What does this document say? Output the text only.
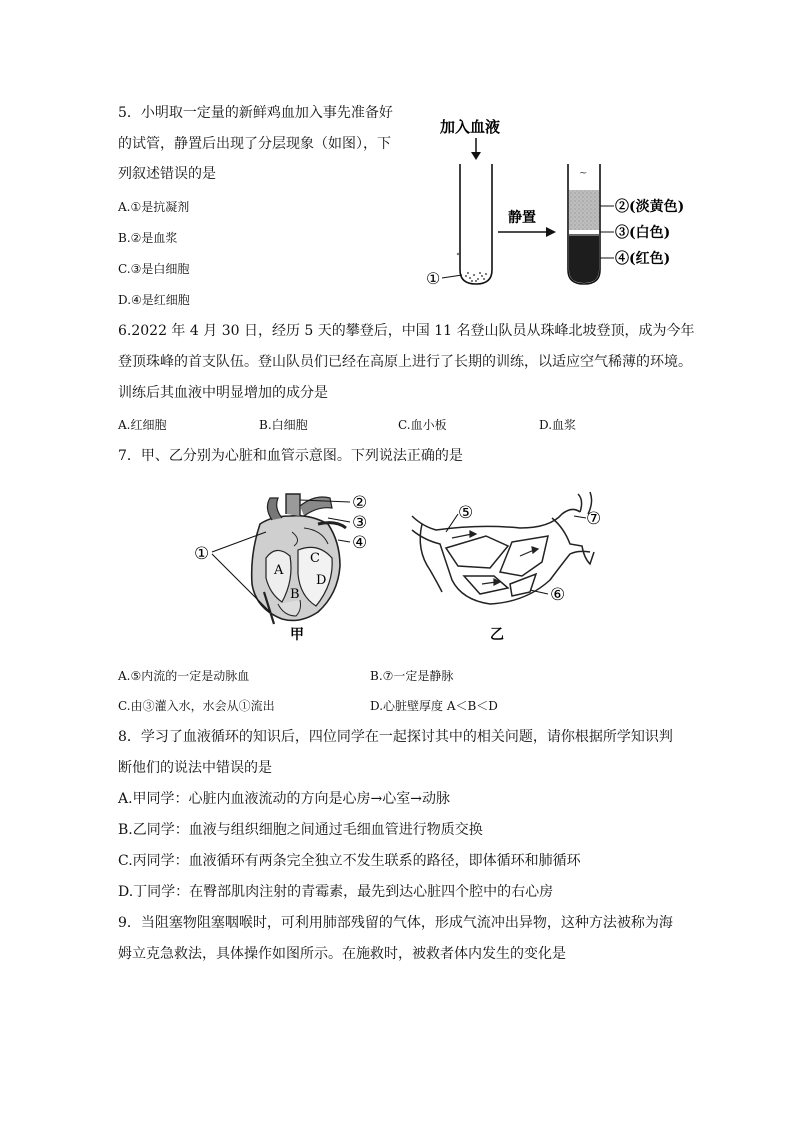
5．小明取一定量的新鲜鸡血加入事先准备好
的试管，静置后出现了分层现象（如图），下
列叙述错误的是
A.①是抗凝剂
B.②是血浆
C.③是白细胞
D.④是红细胞
加入血液
①
静置
~
②(淡黄色)
③(白色)
④(红色)
6.2022 年 4 月 30 日，经历 5 天的攀登后，中国 11 名登山队员从珠峰北坡登顶，成为今年
登顶珠峰的首支队伍。登山队员们已经在高原上进行了长期的训练，以适应空气稀薄的环境。
训练后其血液中明显增加的成分是
A.红细胞	B.白细胞	C.血小板	D.血浆
7．甲、乙分别为心脏和血管示意图。下列说法正确的是
A
B
C
D
①
②
③
④
甲
⑤
⑥
⑦
乙
A.⑤内流的一定是动脉血	B.⑦一定是静脉
C.由③灌入水，水会从①流出	D.心脏壁厚度 A＜B＜D
8．学习了血液循环的知识后，四位同学在一起探讨其中的相关问题，请你根据所学知识判
断他们的说法中错误的是
A.甲同学：心脏内血液流动的方向是心房→心室→动脉
B.乙同学：血液与组织细胞之间通过毛细血管进行物质交换
C.丙同学：血液循环有两条完全独立不发生联系的路径，即体循环和肺循环
D.丁同学：在臀部肌肉注射的青霉素，最先到达心脏四个腔中的右心房
9．当阻塞物阻塞咽喉时，可利用肺部残留的气体，形成气流冲出异物，这种方法被称为海
姆立克急救法，具体操作如图所示。在施救时，被救者体内发生的变化是
